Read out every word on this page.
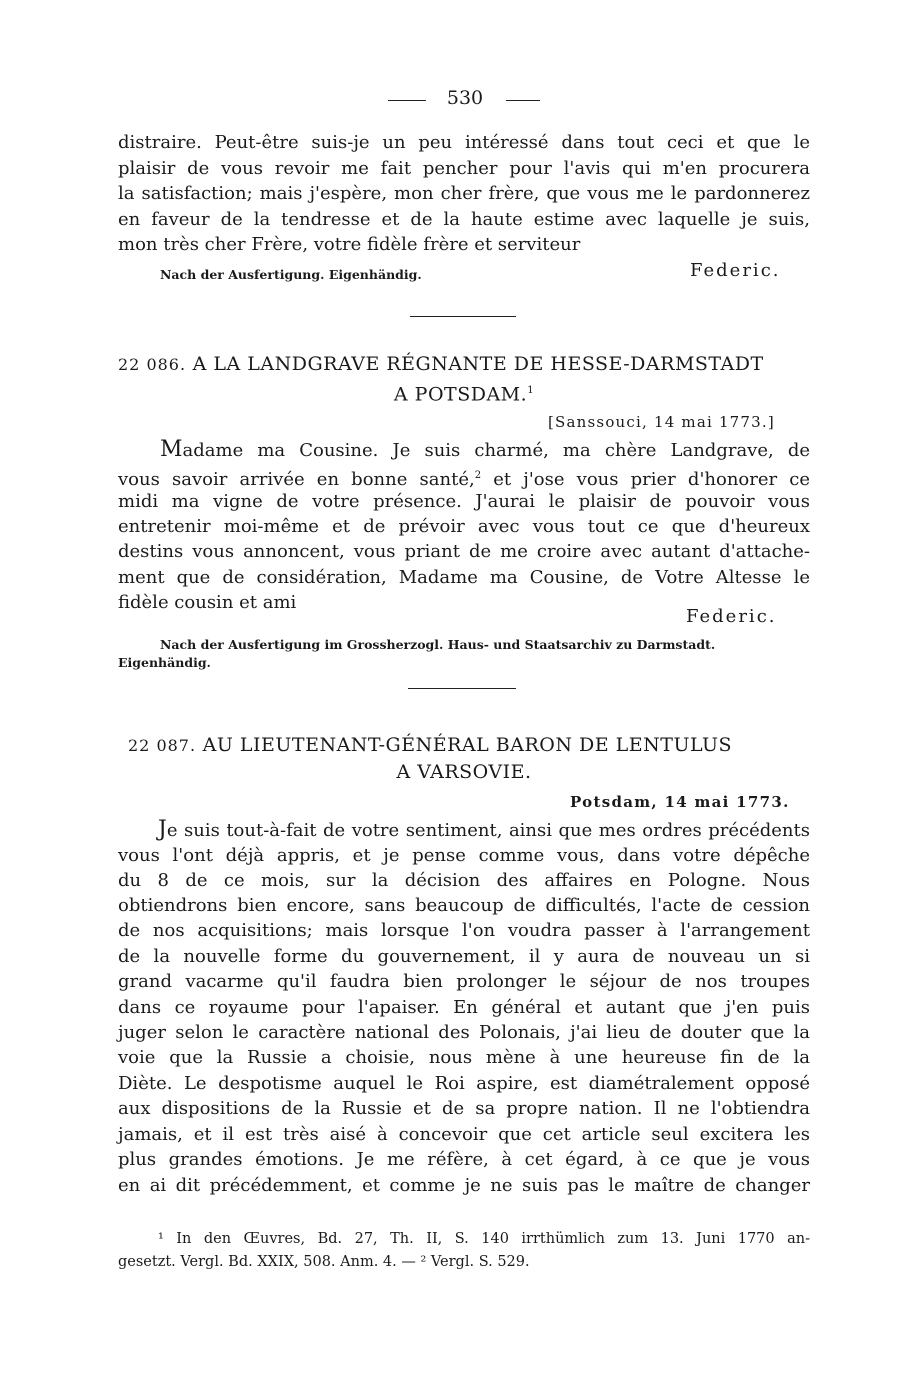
530
distraire. Peut-être suis-je un peu intéressé dans tout ceci et que le
plaisir de vous revoir me fait pencher pour l'avis qui m'en procurera
la satisfaction; mais j'espère, mon cher frère, que vous me le pardonnerez
en faveur de la tendresse et de la haute estime avec laquelle je suis,
mon très cher Frère, votre fidèle frère et serviteur
Nach der Ausfertigung. Eigenhändig.	Federic.
22 086. A LA LANDGRAVE RÉGNANTE DE HESSE-DARMSTADT
A POTSDAM.$^1$
[Sanssouci, 14 mai 1773.]
Madame ma Cousine. Je suis charmé, ma chère Landgrave, de
vous savoir arrivée en bonne santé,$^2$ et j'ose vous prier d'honorer ce
midi ma vigne de votre présence. J'aurai le plaisir de pouvoir vous
entretenir moi-même et de prévoir avec vous tout ce que d'heureux
destins vous annoncent, vous priant de me croire avec autant d'attache-
ment que de considération, Madame ma Cousine, de Votre Altesse le
fidèle cousin et ami
Federic.
Nach der Ausfertigung im Grossherzogl. Haus- und Staatsarchiv zu Darmstadt.
Eigenhändig.
22 087. AU LIEUTENANT-GÉNÉRAL BARON DE LENTULUS
A VARSOVIE.
Potsdam, 14 mai 1773.
Je suis tout-à-fait de votre sentiment, ainsi que mes ordres précédents
vous l'ont déjà appris, et je pense comme vous, dans votre dépêche
du 8 de ce mois, sur la décision des affaires en Pologne. Nous
obtiendrons bien encore, sans beaucoup de difficultés, l'acte de cession
de nos acquisitions; mais lorsque l'on voudra passer à l'arrangement
de la nouvelle forme du gouvernement, il y aura de nouveau un si
grand vacarme qu'il faudra bien prolonger le séjour de nos troupes
dans ce royaume pour l'apaiser. En général et autant que j'en puis
juger selon le caractère national des Polonais, j'ai lieu de douter que la
voie que la Russie a choisie, nous mène à une heureuse fin de la
Diète. Le despotisme auquel le Roi aspire, est diamétralement opposé
aux dispositions de la Russie et de sa propre nation. Il ne l'obtiendra
jamais, et il est très aisé à concevoir que cet article seul excitera les
plus grandes émotions. Je me réfère, à cet égard, à ce que je vous
en ai dit précédemment, et comme je ne suis pas le maître de changer
¹ In den Œuvres, Bd. 27, Th. II, S. 140 irrthümlich zum 13. Juni 1770 an-
gesetzt. Vergl. Bd. XXIX, 508. Anm. 4. — ² Vergl. S. 529.
